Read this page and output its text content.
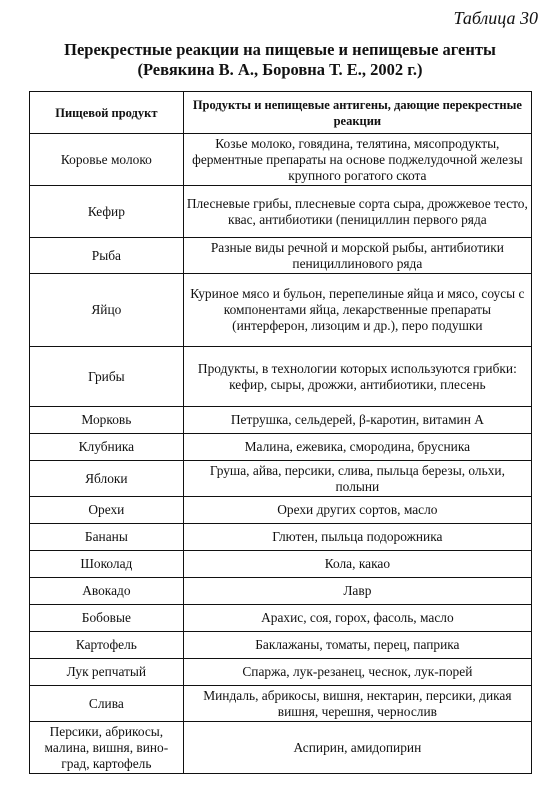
Таблица 30
Перекрестные реакции на пищевые и непищевые агенты
(Ревякина В. А., Боровна Т. Е., 2002 г.)
Пищевой продукт	Продукты и непищевые антигены, дающие перекрестные реакции
Коровье молоко	Козье молоко, говядина, телятина, мясопродукты, ферментные препараты на основе поджелудочной железы крупного рогатого скота
Кефир	Плесневые грибы, плесневые сорта сыра, дрожжевое тесто, квас, антибиотики (пенициллин первого ряда
Рыба	Разные виды речной и морской рыбы, антибиотики пенициллинового ряда
Яйцо	Куриное мясо и бульон, перепелиные яйца и мясо, соусы с компонентами яйца, лекарственные препараты (интерферон, лизоцим и др.), перо подушки
Грибы	Продукты, в технологии которых используются грибки: кефир, сыры, дрожжи, антибиотики, плесень
Морковь	Петрушка, сельдерей, β-каротин, витамин А
Клубника	Малина, ежевика, смородина, брусника
Яблоки	Груша, айва, персики, слива, пыльца березы, ольхи, полыни
Орехи	Орехи других сортов, масло
Бананы	Глютен, пыльца подорожника
Шоколад	Кола, какао
Авокадо	Лавр
Бобовые	Арахис, соя, горох, фасоль, масло
Картофель	Баклажаны, томаты, перец, паприка
Лук репчатый	Спаржа, лук-резанец, чеснок, лук-порей
Слива	Миндаль, абрикосы, вишня, нектарин, персики, дикая вишня, черешня, чернослив
Персики, абрикосы, малина, вишня, виноград, картофель	Аспирин, амидопирин
